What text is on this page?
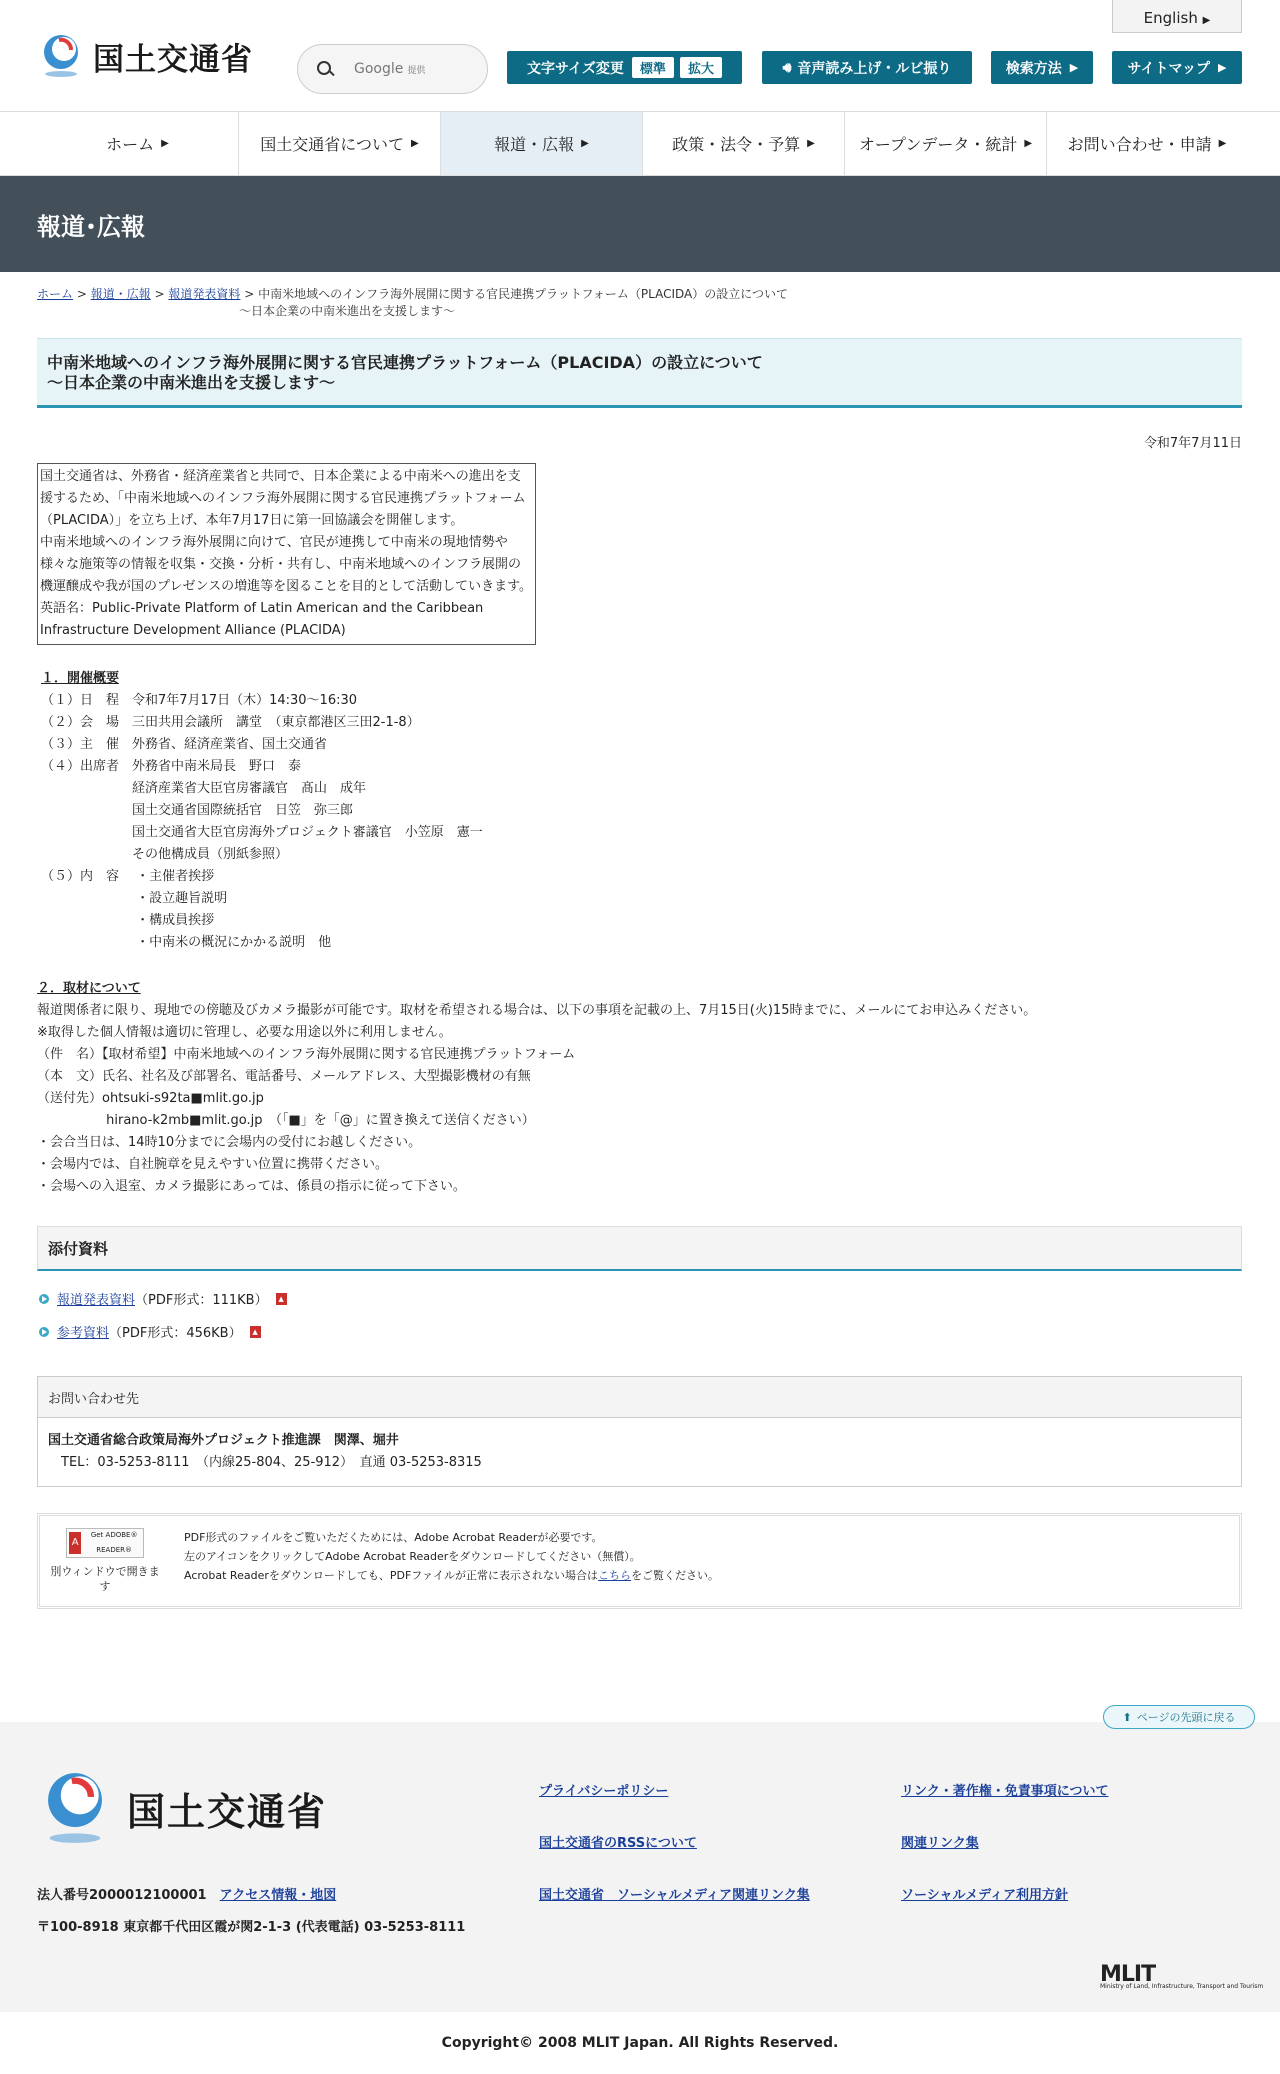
English ▶
国土交通省	Google 提供	文字サイズ変更	標準	拡大	🔊︎ 音声読み上げ・ルビ振り	検索方法 ▶	サイトマップ ▶
ホーム ▶	国土交通省について ▶	報道・広報 ▶	政策・法令・予算 ▶	オープンデータ・統計 ▶ お問い合わせ・申請 ▶
報道･広報
ホーム > 報道・広報 > 報道発表資料 > 中南米地域へのインフラ海外展開に関する官民連携プラットフォーム（PLACIDA）の設立について
～日本企業の中南米進出を支援します～
中南米地域へのインフラ海外展開に関する官民連携プラットフォーム（PLACIDA）の設立について
～日本企業の中南米進出を支援します～
令和7年7月11日
国土交通省は、外務省・経済産業省と共同で、日本企業による中南米への進出を支援するため、「中南米地域へのインフラ海外展開に関する官民連携プラットフォーム（PLACIDA）」を立ち上げ、本年7月17日に第一回協議会を開催します。
中南米地域へのインフラ海外展開に向けて、官民が連携して中南米の現地情勢や様々な施策等の情報を収集・交換・分析・共有し、中南米地域へのインフラ展開の機運醸成や我が国のプレゼンスの増進等を図ることを目的として活動していきます。
英語名：Public-Private Platform of Latin American and the Caribbean Infrastructure Development Alliance (PLACIDA)
１．開催概要
（１）日　程　令和7年7月17日（木）14:30～16:30
（２）会　場　三田共用会議所　講堂　（東京都港区三田2-1-8）
（３）主　催　外務省、経済産業省、国土交通省
（４）出席者　外務省中南米局長　野口　泰
　　　　　　　経済産業省大臣官房審議官　髙山　成年
　　　　　　　国土交通省国際統括官　日笠　弥三郎
　　　　　　　国土交通省大臣官房海外プロジェクト審議官　小笠原　憲一
　　　　　　　その他構成員（別紙参照）
（５）内　容　 ・主催者挨拶
　　　　　　　 ・設立趣旨説明
　　　　　　　 ・構成員挨拶
　　　　　　　 ・中南米の概況にかかる説明　他
２．取材について
報道関係者に限り、現地での傍聴及びカメラ撮影が可能です。取材を希望される場合は、以下の事項を記載の上、7月15日(火)15時までに、メールにてお申込みください。
※取得した個人情報は適切に管理し、必要な用途以外に利用しません。
（件　名）【取材希望】中南米地域へのインフラ海外展開に関する官民連携プラットフォーム
（本　文）氏名、社名及び部署名、電話番号、メールアドレス、大型撮影機材の有無
（送付先）ohtsuki-s92ta■mlit.go.jp
　　　　　 hirano-k2mb■mlit.go.jp　（「■」を「@」に置き換えて送信ください）
・会合当日は、14時10分までに会場内の受付にお越しください。
・会場内では、自社腕章を見えやすい位置に携帯ください。
・会場への入退室、カメラ撮影にあっては、係員の指示に従って下さい。
添付資料
報道発表資料 （PDF形式：111KB）	▲
参考資料 （PDF形式：456KB）	▲
お問い合わせ先
国土交通省総合政策局海外プロジェクト推進課　関澤、堀井
　TEL：03-5253-8111　（内線25-804、25-912）　直通 03-5253-8315
A
Get ADOBE® READER®
別ウィンドウで開きます
PDF形式のファイルをご覧いただくためには、Adobe Acrobat Readerが必要です。
左のアイコンをクリックしてAdobe Acrobat Readerをダウンロードしてください（無償）。
Acrobat Readerをダウンロードしても、PDFファイルが正常に表示されない場合はこちらをご覧ください。
⬆ ページの先頭に戻る
国土交通省
法人番号2000012100001　 アクセス情報・地図
〒100-8918 東京都千代田区霞が関2-1-3 (代表電話) 03-5253-8111
プライバシーポリシー
国土交通省のRSSについて
国土交通省　ソーシャルメディア関連リンク集
リンク・著作権・免責事項について
関連リンク集
ソーシャルメディア利用方針
MLIT
Ministry of Land, Infrastructure, Transport and Tourism
Copyright© 2008 MLIT Japan. All Rights Reserved.
